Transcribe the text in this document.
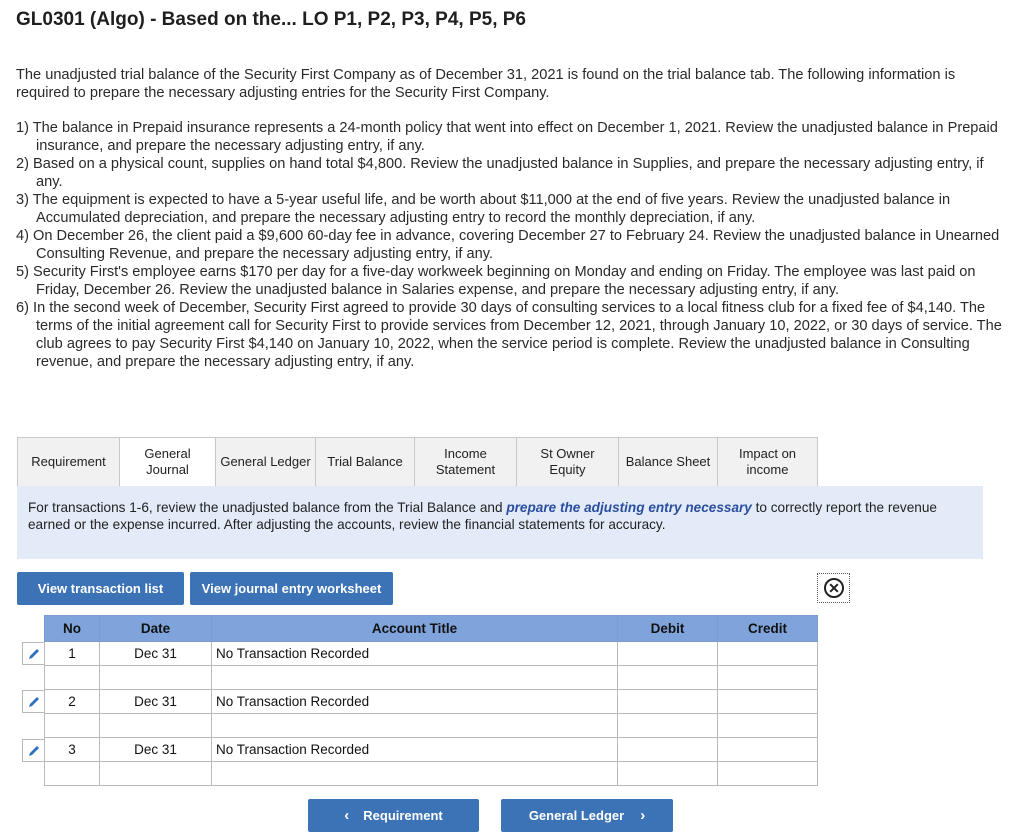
GL0301 (Algo) - Based on the... LO P1, P2, P3, P4, P5, P6

The unadjusted trial balance of the Security First Company as of December 31, 2021 is found on the trial balance tab. The following information is required to prepare the necessary adjusting entries for the Security First Company.

1) The balance in Prepaid insurance represents a 24-month policy that went into effect on December 1, 2021. Review the unadjusted balance in Prepaid insurance, and prepare the necessary adjusting entry, if any.
2) Based on a physical count, supplies on hand total $4,800. Review the unadjusted balance in Supplies, and prepare the necessary adjusting entry, if any.
3) The equipment is expected to have a 5-year useful life, and be worth about $11,000 at the end of five years. Review the unadjusted balance in Accumulated depreciation, and prepare the necessary adjusting entry to record the monthly depreciation, if any.
4) On December 26, the client paid a $9,600 60-day fee in advance, covering December 27 to February 24. Review the unadjusted balance in Unearned Consulting Revenue, and prepare the necessary adjusting entry, if any.
5) Security First's employee earns $170 per day for a five-day workweek beginning on Monday and ending on Friday. The employee was last paid on Friday, December 26. Review the unadjusted balance in Salaries expense, and prepare the necessary adjusting entry, if any.
6) In the second week of December, Security First agreed to provide 30 days of consulting services to a local fitness club for a fixed fee of $4,140. The terms of the initial agreement call for Security First to provide services from December 12, 2021, through January 10, 2022, or 30 days of service. The club agrees to pay Security First $4,140 on January 10, 2022, when the service period is complete. Review the unadjusted balance in Consulting revenue, and prepare the necessary adjusting entry, if any.
Requirement
General Journal
General Ledger	Trial Balance
Income Statement
St Owner Equity
Balance Sheet
Impact on income
For transactions 1-6, review the unadjusted balance from the Trial Balance and prepare the adjusting entry necessary to correctly report the revenue earned or the expense incurred. After adjusting the accounts, review the financial statements for accuracy.
View transaction list	View journal entry worksheet
No	Date	Account Title	Debit	Credit
1	Dec 31	No Transaction Recorded		

2	Dec 31	No Transaction Recorded		

3	Dec 31	No Transaction Recorded		

‹ Requirement	General Ledger ›
